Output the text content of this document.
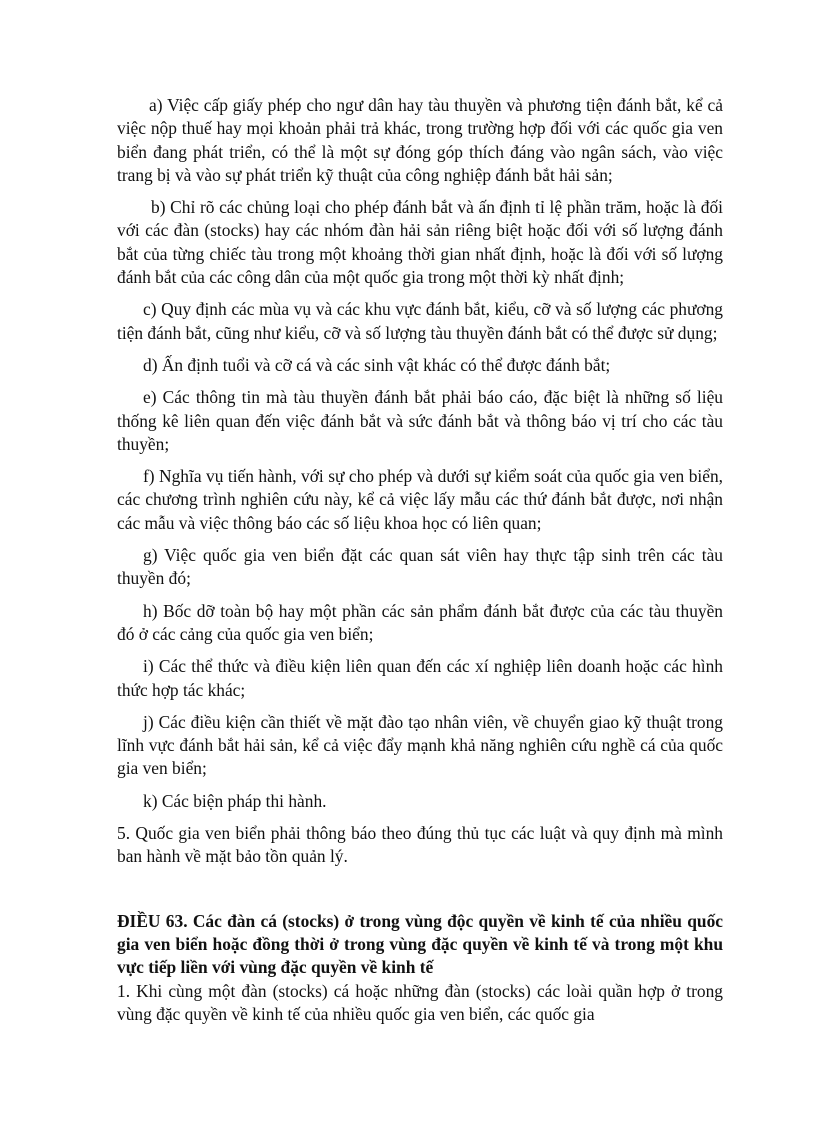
a) Việc cấp giấy phép cho ngư dân hay tàu thuyền và phương tiện đánh bắt, kể cả việc nộp thuế hay mọi khoản phải trả khác, trong trường hợp đối với các quốc gia ven biển đang phát triển, có thể là một sự đóng góp thích đáng vào ngân sách, vào việc trang bị và vào sự phát triển kỹ thuật của công nghiệp đánh bắt hải sản;

b) Chỉ rõ các chủng loại cho phép đánh bắt và ấn định tỉ lệ phần trăm, hoặc là đối với các đàn (stocks) hay các nhóm đàn hải sản riêng biệt hoặc đối với số lượng đánh bắt của từng chiếc tàu trong một khoảng thời gian nhất định, hoặc là đối với số lượng đánh bắt của các công dân của một quốc gia trong một thời kỳ nhất định;

c) Quy định các mùa vụ và các khu vực đánh bắt, kiểu, cỡ và số lượng các phương tiện đánh bắt, cũng như kiểu, cỡ và số lượng tàu thuyền đánh bắt có thể được sử dụng;

d) Ấn định tuổi và cỡ cá và các sinh vật khác có thể được đánh bắt;

e) Các thông tin mà tàu thuyền đánh bắt phải báo cáo, đặc biệt là những số liệu thống kê liên quan đến việc đánh bắt và sức đánh bắt và thông báo vị trí cho các tàu thuyền;

f) Nghĩa vụ tiến hành, với sự cho phép và dưới sự kiểm soát của quốc gia ven biển, các chương trình nghiên cứu này, kể cả việc lấy mẫu các thứ đánh bắt được, nơi nhận các mẫu và việc thông báo các số liệu khoa học có liên quan;

g) Việc quốc gia ven biển đặt các quan sát viên hay thực tập sinh trên các tàu thuyền đó;

h) Bốc dỡ toàn bộ hay một phần các sản phẩm đánh bắt được của các tàu thuyền đó ở các cảng của quốc gia ven biển;

i) Các thể thức và điều kiện liên quan đến các xí nghiệp liên doanh hoặc các hình thức hợp tác khác;

j) Các điều kiện cần thiết về mặt đào tạo nhân viên, về chuyển giao kỹ thuật trong lĩnh vực đánh bắt hải sản, kể cả việc đẩy mạnh khả năng nghiên cứu nghề cá của quốc gia ven biển;

k) Các biện pháp thi hành.

5. Quốc gia ven biển phải thông báo theo đúng thủ tục các luật và quy định mà mình ban hành về mặt bảo tồn quản lý.

ĐIỀU 63. Các đàn cá (stocks) ở trong vùng độc quyền về kinh tế của nhiều quốc gia ven biển hoặc đồng thời ở trong vùng đặc quyền về kinh tế và trong một khu vực tiếp liền với vùng đặc quyền về kinh tế

1. Khi cùng một đàn (stocks) cá hoặc những đàn (stocks) các loài quần hợp ở trong vùng đặc quyền về kinh tế của nhiều quốc gia ven biển, các quốc gia
